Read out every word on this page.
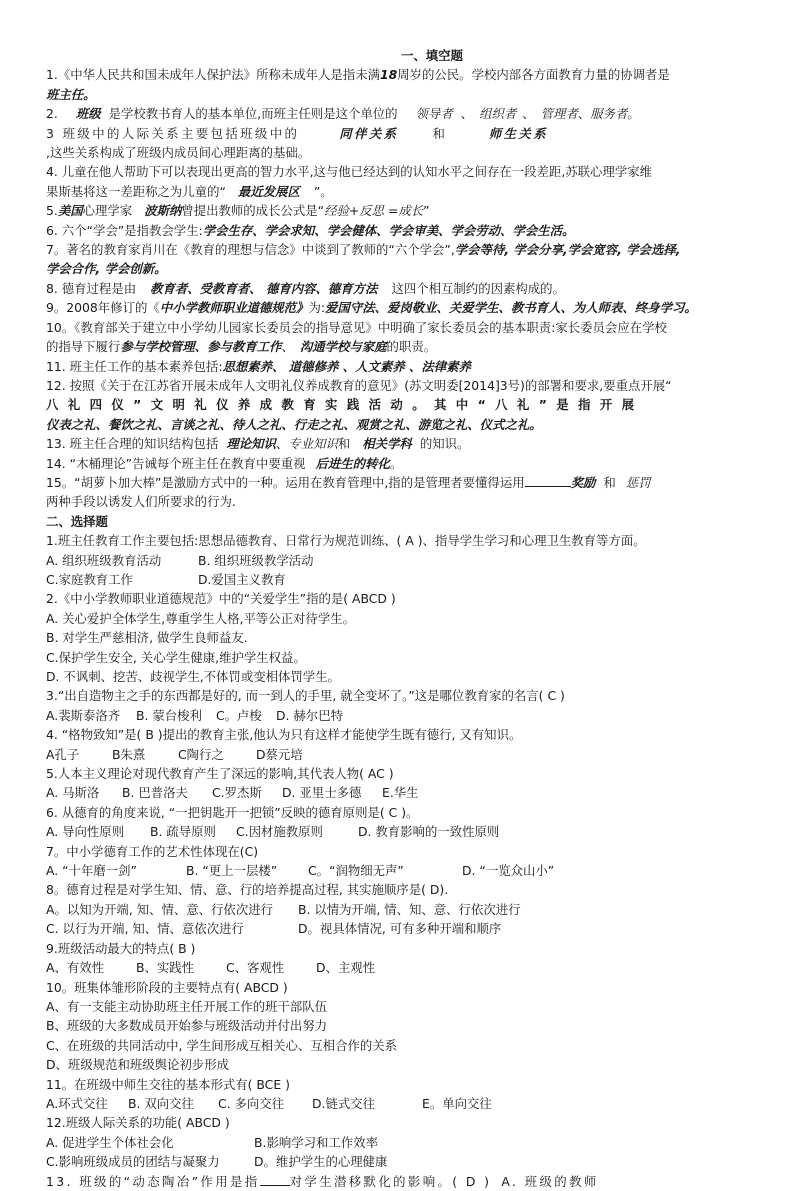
一、填空题
1.《中华人民共和国未成年人保护法》所称未成年人是指未满18周岁的公民。学校内部各方面教育力量的协调者是
班主任。
2. 班级 是学校教书育人的基本单位,而班主任则是这个单位的 领导者 、 组织者 、 管理者、服务者。
3 班级中的人际关系主要包括班级中的	同伴关系	和	师生关系
,这些关系构成了班级内成员间心理距离的基础。
4. 儿童在他人帮助下可以表现出更高的智力水平,这与他已经达到的认知水平之间存在一段差距,苏联心理学家维
果斯基将这一差距称之为儿童的“ 最近发展区 ”。
5.美国心理学家 波斯纳曾提出教师的成长公式是“经验+反思 =成长”
6. 六个“学会”是指教会学生:学会生存、学会求知、学会健体、学会审美、学会劳动、学会生活。
7。著名的教育家肖川在《教育的理想与信念》中谈到了教师的“六个学会”,学会等待, 学会分享,学会宽容, 学会选择,
学会合作, 学会创新。
8. 德育过程是由 教育者、受教育者、 德育内容、德育方法 这四个相互制约的因素构成的。
9。2008年修订的《中小学教师职业道德规范》为:爱国守法、爱岗敬业、关爱学生、教书育人、为人师表、终身学习。
10。《教育部关于建立中小学幼儿园家长委员会的指导意见》中明确了家长委员会的基本职责:家长委员会应在学校
的指导下履行参与学校管理、参与教育工作、 沟通学校与家庭的职责。
11. 班主任工作的基本素养包括:思想素养、 道德修养 、人文素养 、法律素养
12. 按照《关于在江苏省开展未成年人文明礼仪养成教育的意见》(苏文明委[2014]3号)的部署和要求,要重点开展“
八礼四仪”文明礼仪养成教育实践活动。其中“八礼”是指开展
仪表之礼、餐饮之礼、言谈之礼、待人之礼、行走之礼、观赏之礼、游览之礼、仪式之礼。
13. 班主任合理的知识结构包括 理论知识、专业知识和 相关学科 的知识。
14. “木桶理论”告诫每个班主任在教育中要重视 后进生的转化。
15。“胡萝卜加大棒”是激励方式中的一种。运用在教育管理中,指的是管理者要懂得运用	奖励 和 惩罚
两种手段以诱发人们所要求的行为.
二、选择题
1.班主任教育工作主要包括:思想品德教育、日常行为规范训练、( A )、指导学生学习和心理卫生教育等方面。
A. 组织班级教育活动	B. 组织班级教学活动
C.家庭教育工作	D.爱国主义教育
2.《中小学教师职业道德规范》中的“关爱学生”指的是( ABCD )
A. 关心爱护全体学生,尊重学生人格,平等公正对待学生。
B. 对学生严慈相济, 做学生良师益友.
C.保护学生安全, 关心学生健康,维护学生权益。
D. 不讽刺、挖苦、歧视学生,不体罚或变相体罚学生。
3.“出自造物主之手的东西都是好的, 而一到人的手里, 就全变坏了。”这是哪位教育家的名言( C )
A.裴斯泰洛齐 B. 蒙台梭利 C。卢梭 D. 赫尔巴特
4. “格物致知”是( B )提出的教育主张,他认为只有这样才能使学生既有德行, 又有知识。
A孔子	B朱熹	C陶行之	D蔡元培
5.人本主义理论对现代教育产生了深远的影响,其代表人物( AC )
A. 马斯洛 B. 巴普洛夫 C.罗杰斯 D. 亚里士多德 E.华生
6. 从德育的角度来说, “一把钥匙开一把锁”反映的德育原则是( C )。
A. 导向性原则 B. 疏导原则 C.因材施教原则	D. 教育影响的一致性原则
7。中小学德育工作的艺术性体现在(C)
A. “十年磨一剑”	B. “更上一层楼” C。“润物细无声”	D. “一览众山小”
8。德育过程是对学生知、情、意、行的培养提高过程, 其实施顺序是( D).
A。以知为开端, 知、情、意、行依次进行 B. 以情为开端, 情、知、意、行依次进行
C. 以行为开端, 知、情、意依次进行	D。视具体情况, 可有多种开端和顺序
9.班级活动最大的特点( B )
A、有效性	B、实践性	C、客观性	D、主观性
10。班集体雏形阶段的主要特点有( ABCD )
A、有一支能主动协助班主任开展工作的班干部队伍
B、班级的大多数成员开始参与班级活动并付出努力
C、在班级的共同活动中, 学生间形成互相关心、互相合作的关系
D、班级规范和班级舆论初步形成
11。在班级中师生交往的基本形式有( BCE )
A.环式交往 B. 双向交往 C. 多向交往 D.链式交往	E。单向交往
12.班级人际关系的功能( ABCD )
A. 促进学生个体社会化	B.影响学习和工作效率
C.影响班级成员的团结与凝聚力	D。维护学生的心理健康
13. 班级的“动态陶冶”作用是指 对学生潜移默化的影响。( D ) A. 班级的教师
